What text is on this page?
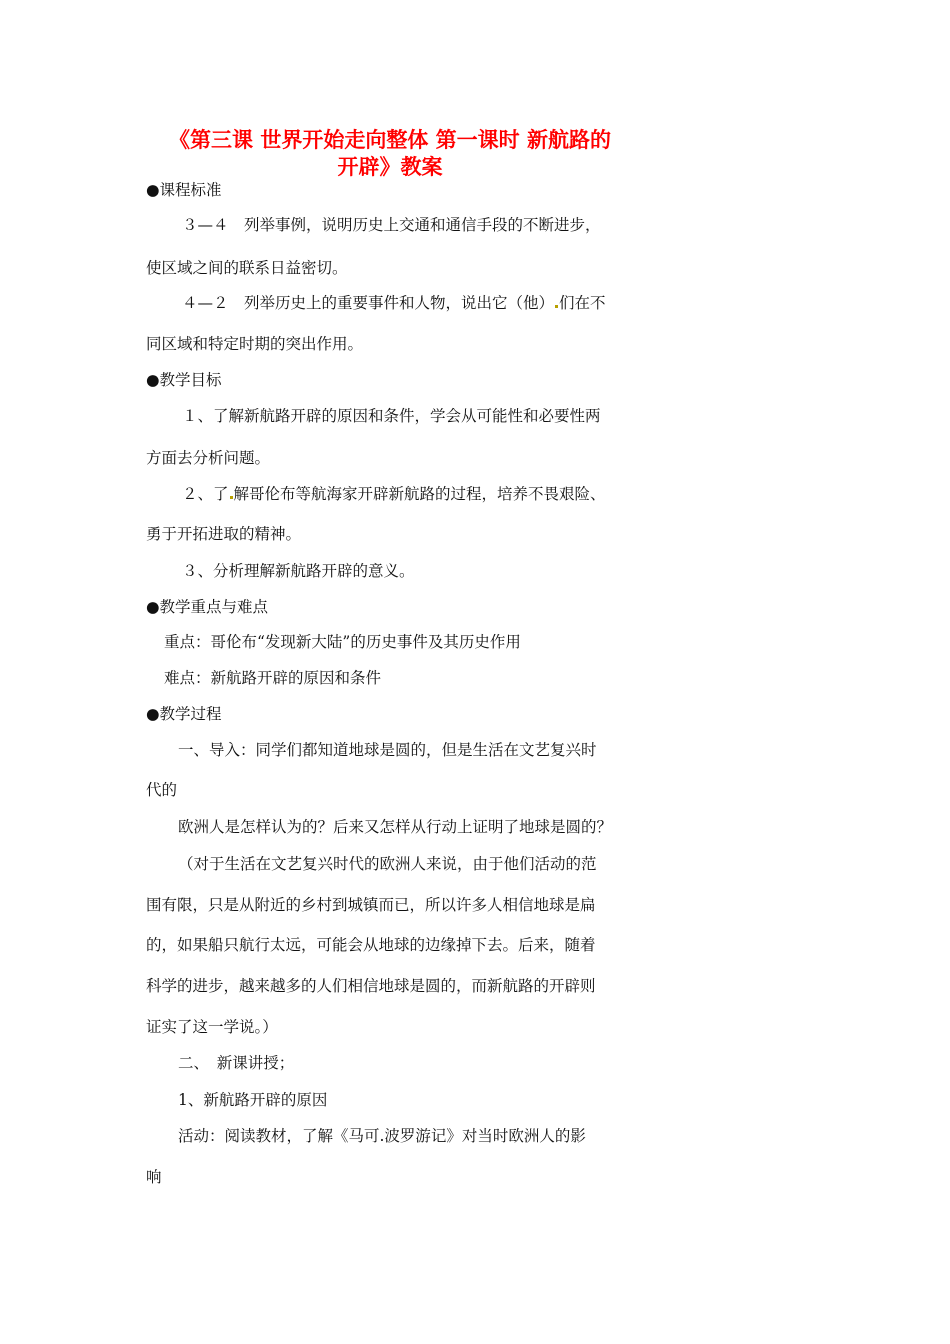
《第三课 世界开始走向整体 第一课时 新航路的
开辟》教案
●课程标准
３—４　列举事例，说明历史上交通和通信手段的不断进步，
使区域之间的联系日益密切。
４—２　列举历史上的重要事件和人物，说出它（他） 们在不
同区域和特定时期的突出作用。
●教学目标
１、了解新航路开辟的原因和条件，学会从可能性和必要性两
方面去分析问题。
２、了 解哥伦布等航海家开辟新航路的过程，培养不畏艰险、
勇于开拓进取的精神。
３、分析理解新航路开辟的意义。
●教学重点与难点
重点：哥伦布“发现新大陆”的历史事件及其历史作用
难点：新航路开辟的原因和条件
●教学过程
一、导入：同学们都知道地球是圆的，但是生活在文艺复兴时
代的
欧洲人是怎样认为的？后来又怎样从行动上证明了地球是圆的？
（对于生活在文艺复兴时代的欧洲人来说，由于他们活动的范
围有限，只是从附近的乡村到城镇而已，所以许多人相信地球是扁
的，如果船只航行太远，可能会从地球的边缘掉下去。后来，随着
科学的进步，越来越多的人们相信地球是圆的，而新航路的开辟则
证实了这一学说。）
二、　新课讲授；
1、新航路开辟的原因
活动：阅读教材，了解《马可.波罗游记》对当时欧洲人的影
响
